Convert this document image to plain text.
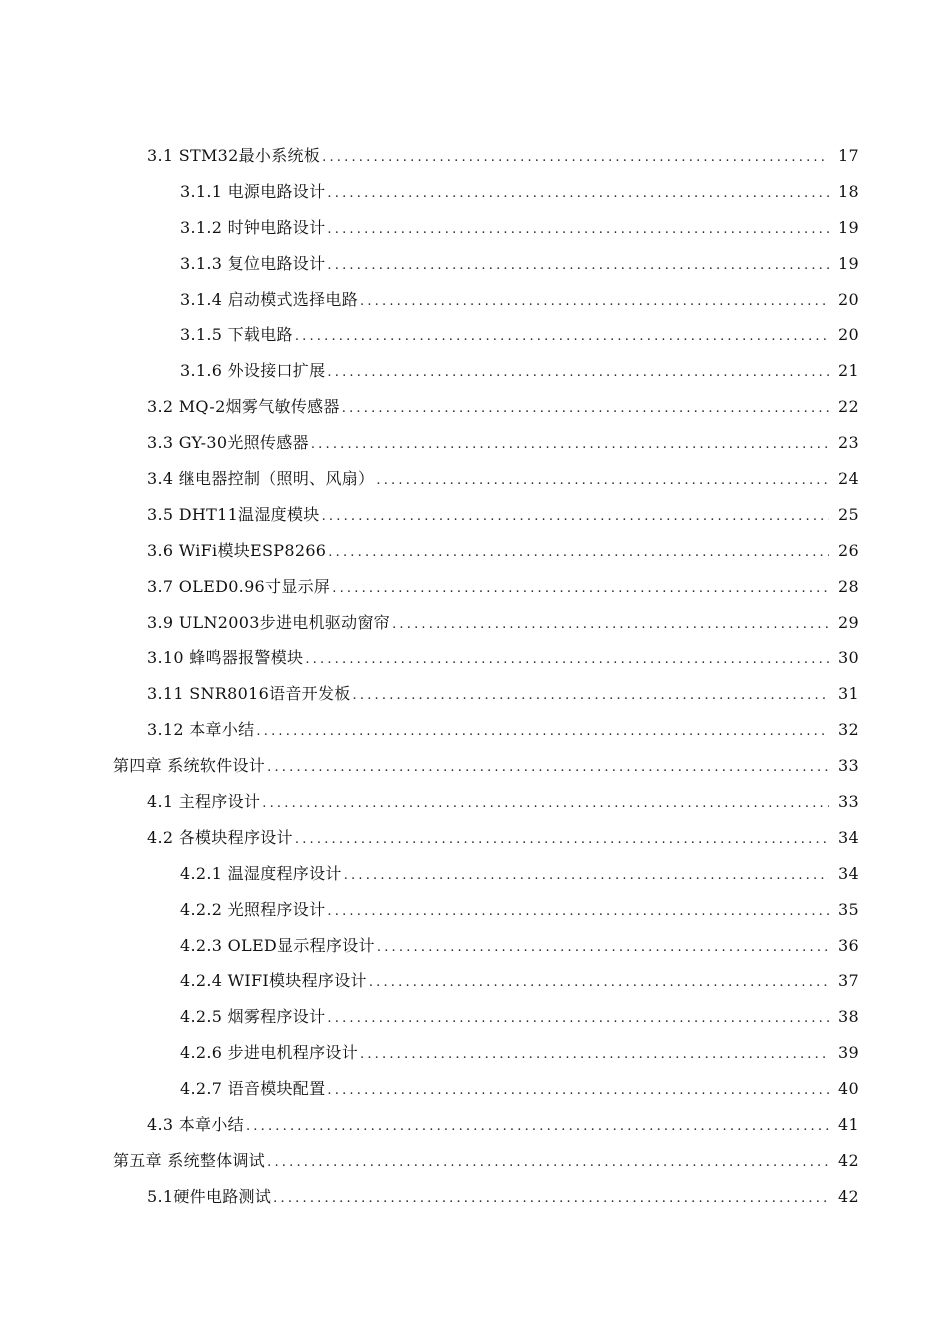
3.1 STM32最小系统板 .....	17
3.1.1 电源电路设计 .....	18
3.1.2 时钟电路设计 .....	19
3.1.3 复位电路设计 .....	19
3.1.4 启动模式选择电路 .....	20
3.1.5 下载电路 .....	20
3.1.6 外设接口扩展 .....	21
3.2 MQ-2烟雾气敏传感器 .....	22
3.3 GY-30光照传感器 .....	23
3.4 继电器控制（照明、风扇） .....	24
3.5 DHT11温湿度模块 .....	25
3.6 WiFi模块ESP8266 .....	26
3.7 OLED0.96寸显示屏 .....	28
3.9 ULN2003步进电机驱动窗帘 .....	29
3.10 蜂鸣器报警模块 .....	30
3.11 SNR8016语音开发板 .....	31
3.12 本章小结 .....	32
第四章 系统软件设计 .....	33
4.1 主程序设计 .....	33
4.2 各模块程序设计 .....	34
4.2.1 温湿度程序设计 .....	34
4.2.2 光照程序设计 .....	35
4.2.3 OLED显示程序设计 .....	36
4.2.4 WIFI模块程序设计 .....	37
4.2.5 烟雾程序设计 .....	38
4.2.6 步进电机程序设计 .....	39
4.2.7 语音模块配置 .....	40
4.3 本章小结 .....	41
第五章 系统整体调试 .....	42
5.1硬件电路测试 .....	42
